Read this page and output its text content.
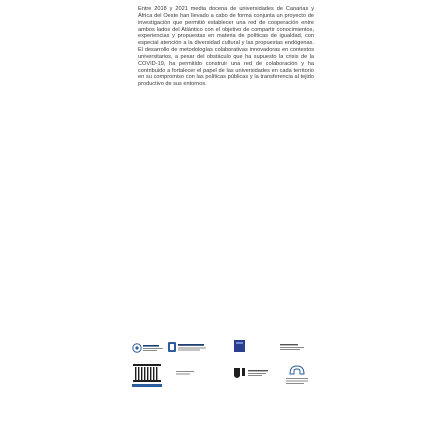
Entre 2018 y 2021 media docena de universidades de Canarias y África del Oeste han llevado a cabo de forma conjunta un proyecto de investigación que permitió establecer una red de cooperación entre ambos lados del Atlántico con el objetivo de compartir conocimientos, experiencias y propuestas en materia de políticas de igualdad, con especial atención a la diversidad cultural y las propuestas endógenas. El desarrollo de metodologías colaborativas innovadoras en contextos universitarios, a pesar del obstáculo que ha supuesto la crisis de la COVID-19, ha permitido construir una red de colaboración y ha contribuido a fortalecer el papel de las universidades en cada territorio en su compromiso con las políticas públicas y la transferencia al tejido productivo de sus entornos.
